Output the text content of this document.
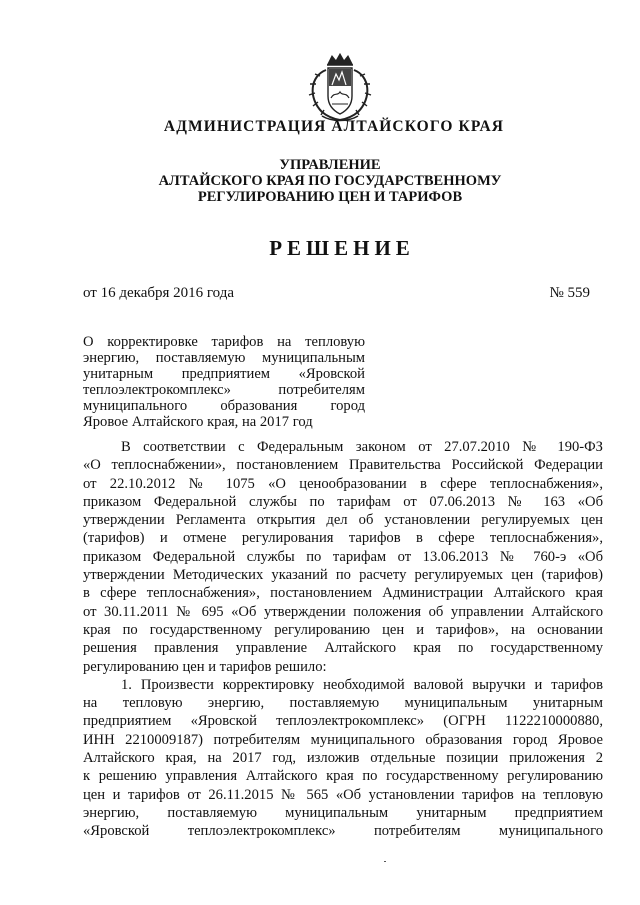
АДМИНИСТРАЦИЯ АЛТАЙСКОГО КРАЯ
УПРАВЛЕНИЕ
АЛТАЙСКОГО КРАЯ ПО ГОСУДАРСТВЕННОМУ
РЕГУЛИРОВАНИЮ ЦЕН И ТАРИФОВ
РЕШЕНИЕ
от 16 декабря 2016 года	№ 559
О корректировке тарифов на тепловую
энергию, поставляемую муниципальным
унитарным предприятием «Яровской
теплоэлектрокомплекс» потребителям
муниципального образования город
Яровое Алтайского края, на 2017 год
В соответствии с Федеральным законом от 27.07.2010 № 190-ФЗ
«О теплоснабжении», постановлением Правительства Российской Федерации
от 22.10.2012 № 1075 «О ценообразовании в сфере теплоснабжения»,
приказом Федеральной службы по тарифам от 07.06.2013 № 163 «Об
утверждении Регламента открытия дел об установлении регулируемых цен
(тарифов) и отмене регулирования тарифов в сфере теплоснабжения»,
приказом Федеральной службы по тарифам от 13.06.2013 № 760-э «Об
утверждении Методических указаний по расчету регулируемых цен (тарифов)
в сфере теплоснабжения», постановлением Администрации Алтайского края
от 30.11.2011 № 695 «Об утверждении положения об управлении Алтайского
края по государственному регулированию цен и тарифов», на основании
решения правления управление Алтайского края по государственному
регулированию цен и тарифов решило:
1. Произвести корректировку необходимой валовой выручки и тарифов
на тепловую энергию, поставляемую муниципальным унитарным
предприятием «Яровской теплоэлектрокомплекс» (ОГРН 1122210000880,
ИНН 2210009187) потребителям муниципального образования город Яровое
Алтайского края, на 2017 год, изложив отдельные позиции приложения 2
к решению управления Алтайского края по государственному регулированию
цен и тарифов от 26.11.2015 № 565 «Об установлении тарифов на тепловую
энергию, поставляемую муниципальным унитарным предприятием
«Яровской теплоэлектрокомплекс» потребителям муниципального
